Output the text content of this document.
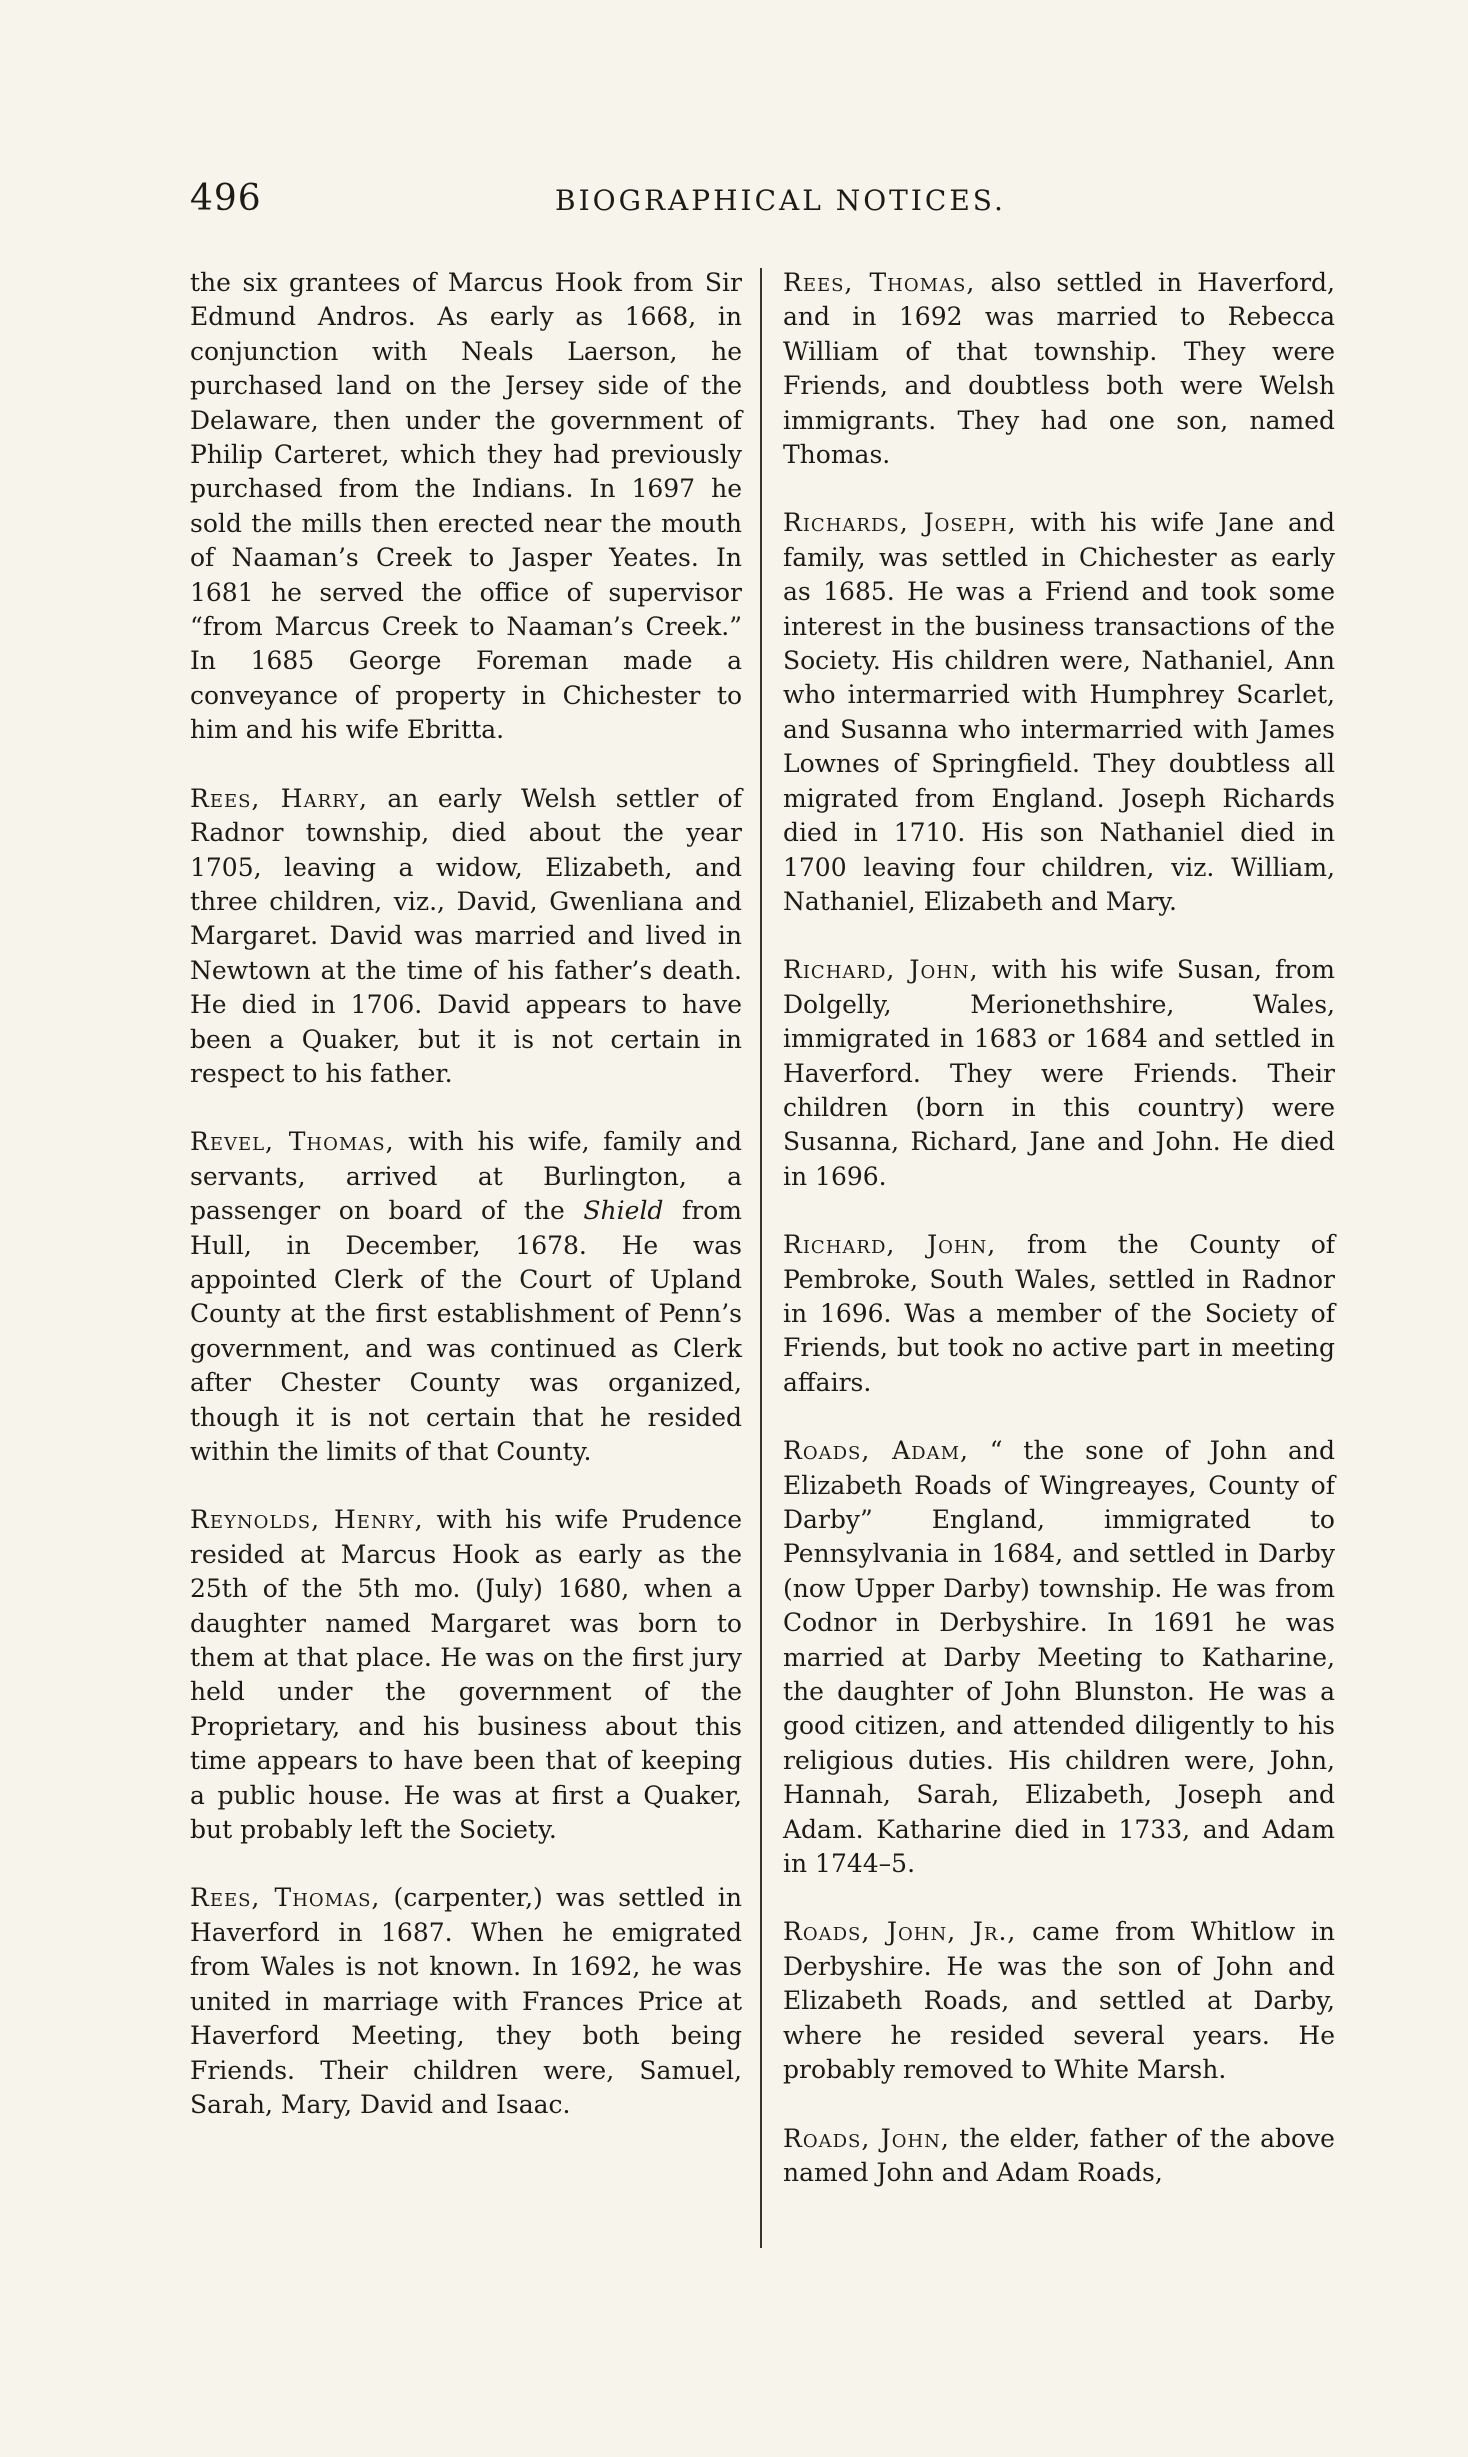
496	BIOGRAPHICAL NOTICES.

the six grantees of Marcus Hook from Sir Edmund Andros. As early as 1668, in conjunction with Neals Laerson, he purchased land on the Jersey side of the Delaware, then under the government of Philip Carteret, which they had previously purchased from the Indians. In 1697 he sold the mills then erected near the mouth of Naaman’s Creek to Jasper Yeates. In 1681 he served the office of supervisor “from Marcus Creek to Naaman’s Creek.” In 1685 George Foreman made a conveyance of property in Chichester to him and his wife Ebritta.

Rees, Harry, an early Welsh settler of Radnor township, died about the year 1705, leaving a widow, Elizabeth, and three children, viz., David, Gwenliana and Margaret. David was married and lived in Newtown at the time of his father’s death. He died in 1706. David appears to have been a Quaker, but it is not certain in respect to his father.

Revel, Thomas, with his wife, family and servants, arrived at Burlington, a passenger on board of the Shield from Hull, in December, 1678. He was appointed Clerk of the Court of Upland County at the first establishment of Penn’s government, and was continued as Clerk after Chester County was organized, though it is not certain that he resided within the limits of that County.

Reynolds, Henry, with his wife Prudence resided at Marcus Hook as early as the 25th of the 5th mo. (July) 1680, when a daughter named Margaret was born to them at that place. He was on the first jury held under the government of the Proprietary, and his business about this time appears to have been that of keeping a public house. He was at first a Quaker, but probably left the Society.

Rees, Thomas, (carpenter,) was settled in Haverford in 1687. When he emigrated from Wales is not known. In 1692, he was united in marriage with Frances Price at Haverford Meeting, they both being Friends. Their children were, Samuel, Sarah, Mary, David and Isaac.

Rees, Thomas, also settled in Haverford, and in 1692 was married to Rebecca William of that township. They were Friends, and doubtless both were Welsh immigrants. They had one son, named Thomas.

Richards, Joseph, with his wife Jane and family, was settled in Chichester as early as 1685. He was a Friend and took some interest in the business transactions of the Society. His children were, Nathaniel, Ann who intermarried with Humphrey Scarlet, and Susanna who intermarried with James Lownes of Springfield. They doubtless all migrated from England. Joseph Richards died in 1710. His son Nathaniel died in 1700 leaving four children, viz. William, Nathaniel, Elizabeth and Mary.

Richard, John, with his wife Susan, from Dolgelly, Merionethshire, Wales, immigrated in 1683 or 1684 and settled in Haverford. They were Friends. Their children (born in this country) were Susanna, Richard, Jane and John. He died in 1696.

Richard, John, from the County of Pembroke, South Wales, settled in Radnor in 1696. Was a member of the Society of Friends, but took no active part in meeting affairs.

Roads, Adam, “ the sone of John and Elizabeth Roads of Wingreayes, County of Darby” England, immigrated to Pennsylvania in 1684, and settled in Darby (now Upper Darby) township. He was from Codnor in Derbyshire. In 1691 he was married at Darby Meeting to Katharine, the daughter of John Blunston. He was a good citizen, and attended diligently to his religious duties. His children were, John, Hannah, Sarah, Elizabeth, Joseph and Adam. Katharine died in 1733, and Adam in 1744–5.

Roads, John, Jr., came from Whitlow in Derbyshire. He was the son of John and Elizabeth Roads, and settled at Darby, where he resided several years. He probably removed to White Marsh.

Roads, John, the elder, father of the above named John and Adam Roads,
